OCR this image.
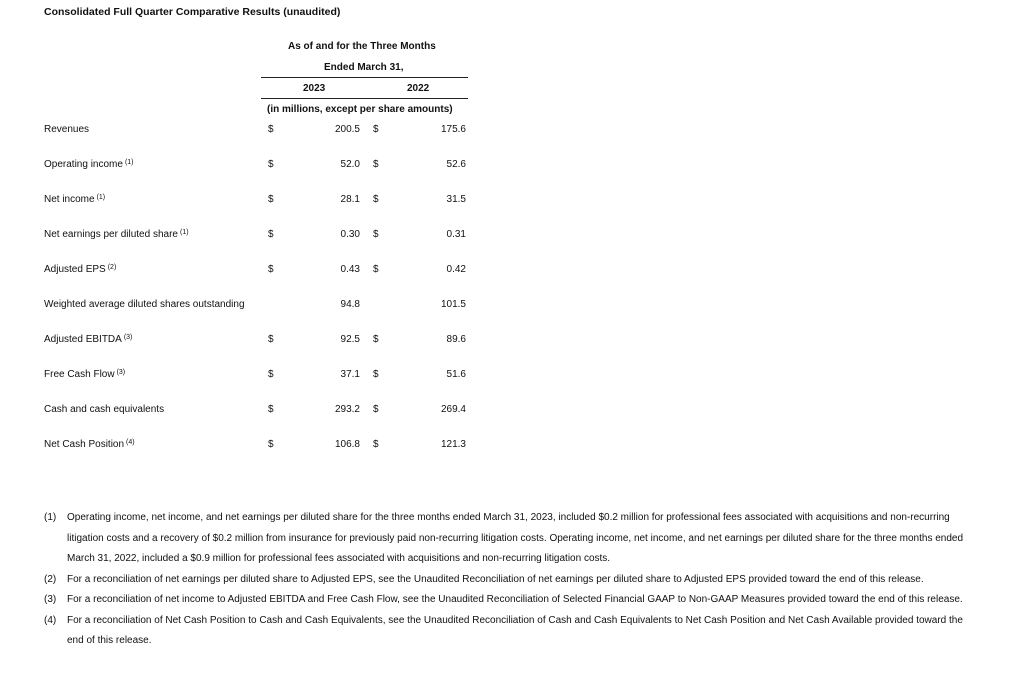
Consolidated Full Quarter Comparative Results (unaudited)
As of and for the Three Months
Ended March 31,
2023	2022
(in millions, except per share amounts)
Revenues	$	200.5 $	175.6
Operating income $^{(1)}$	$	52.0 $	52.6
Net income $^{(1)}$	$	28.1 $	31.5
Net earnings per diluted share $^{(1)}$	$	0.30 $	0.31
Adjusted EPS $^{(2)}$	$	0.43 $	0.42
Weighted average diluted shares outstanding	94.8	101.5
Adjusted EBITDA $^{(3)}$	$	92.5 $	89.6
Free Cash Flow $^{(3)}$	$	37.1 $	51.6
Cash and cash equivalents	$	293.2 $	269.4
Net Cash Position $^{(4)}$	$	106.8 $	121.3
(1) Operating income, net income, and net earnings per diluted share for the three months ended March 31, 2023, included $0.2 million for professional fees associated with acquisitions and non-recurring litigation costs and a recovery of $0.2 million from insurance for previously paid non-recurring litigation costs. Operating income, net income, and net earnings per diluted share for the three months ended March 31, 2022, included a $0.9 million for professional fees associated with acquisitions and non-recurring litigation costs.
(2) For a reconciliation of net earnings per diluted share to Adjusted EPS, see the Unaudited Reconciliation of net earnings per diluted share to Adjusted EPS provided toward the end of this release.
(3) For a reconciliation of net income to Adjusted EBITDA and Free Cash Flow, see the Unaudited Reconciliation of Selected Financial GAAP to Non-GAAP Measures provided toward the end of this release.
(4) For a reconciliation of Net Cash Position to Cash and Cash Equivalents, see the Unaudited Reconciliation of Cash and Cash Equivalents to Net Cash Position and Net Cash Available provided toward the end of this release.
